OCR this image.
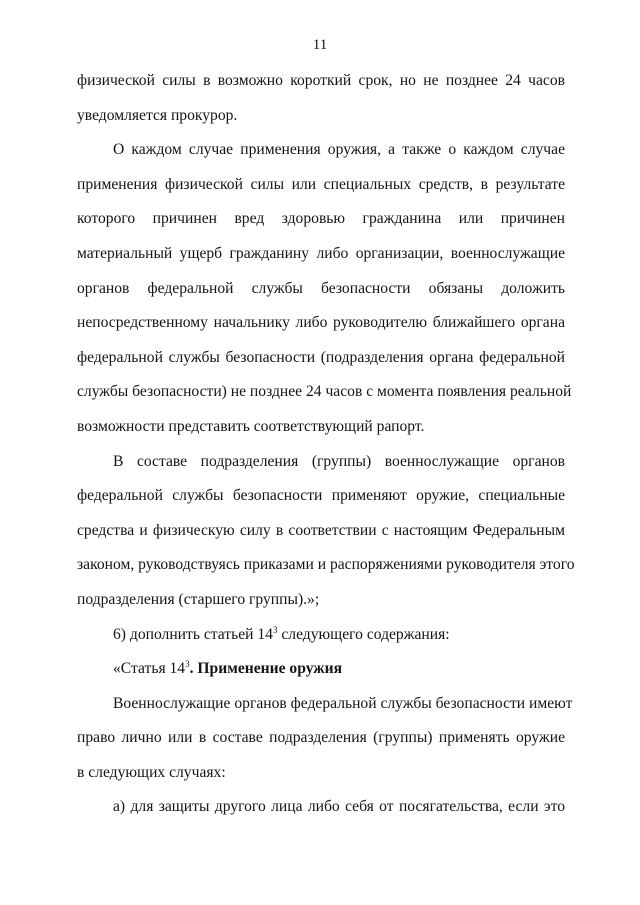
11

физической силы в возможно короткий срок, но не позднее 24 часов
уведомляется прокурор.

О каждом случае применения оружия, а также о каждом случае
применения физической силы или специальных средств, в результате
которого причинен вред здоровью гражданина или причинен
материальный ущерб гражданину либо организации, военнослужащие
органов федеральной службы безопасности обязаны доложить
непосредственному начальнику либо руководителю ближайшего органа
федеральной службы безопасности (подразделения органа федеральной
службы безопасности) не позднее 24 часов с момента появления реальной
возможности представить соответствующий рапорт.

В составе подразделения (группы) военнослужащие органов
федеральной службы безопасности применяют оружие, специальные
средства и физическую силу в соответствии с настоящим Федеральным
законом, руководствуясь приказами и распоряжениями руководителя этого
подразделения (старшего группы).»;

6) дополнить статьей $14^3$ следующего содержания:

«Статья $14^3$. Применение оружия

Военнослужащие органов федеральной службы безопасности имеют
право лично или в составе подразделения (группы) применять оружие
в следующих случаях:

а) для защиты другого лица либо себя от посягательства, если это
